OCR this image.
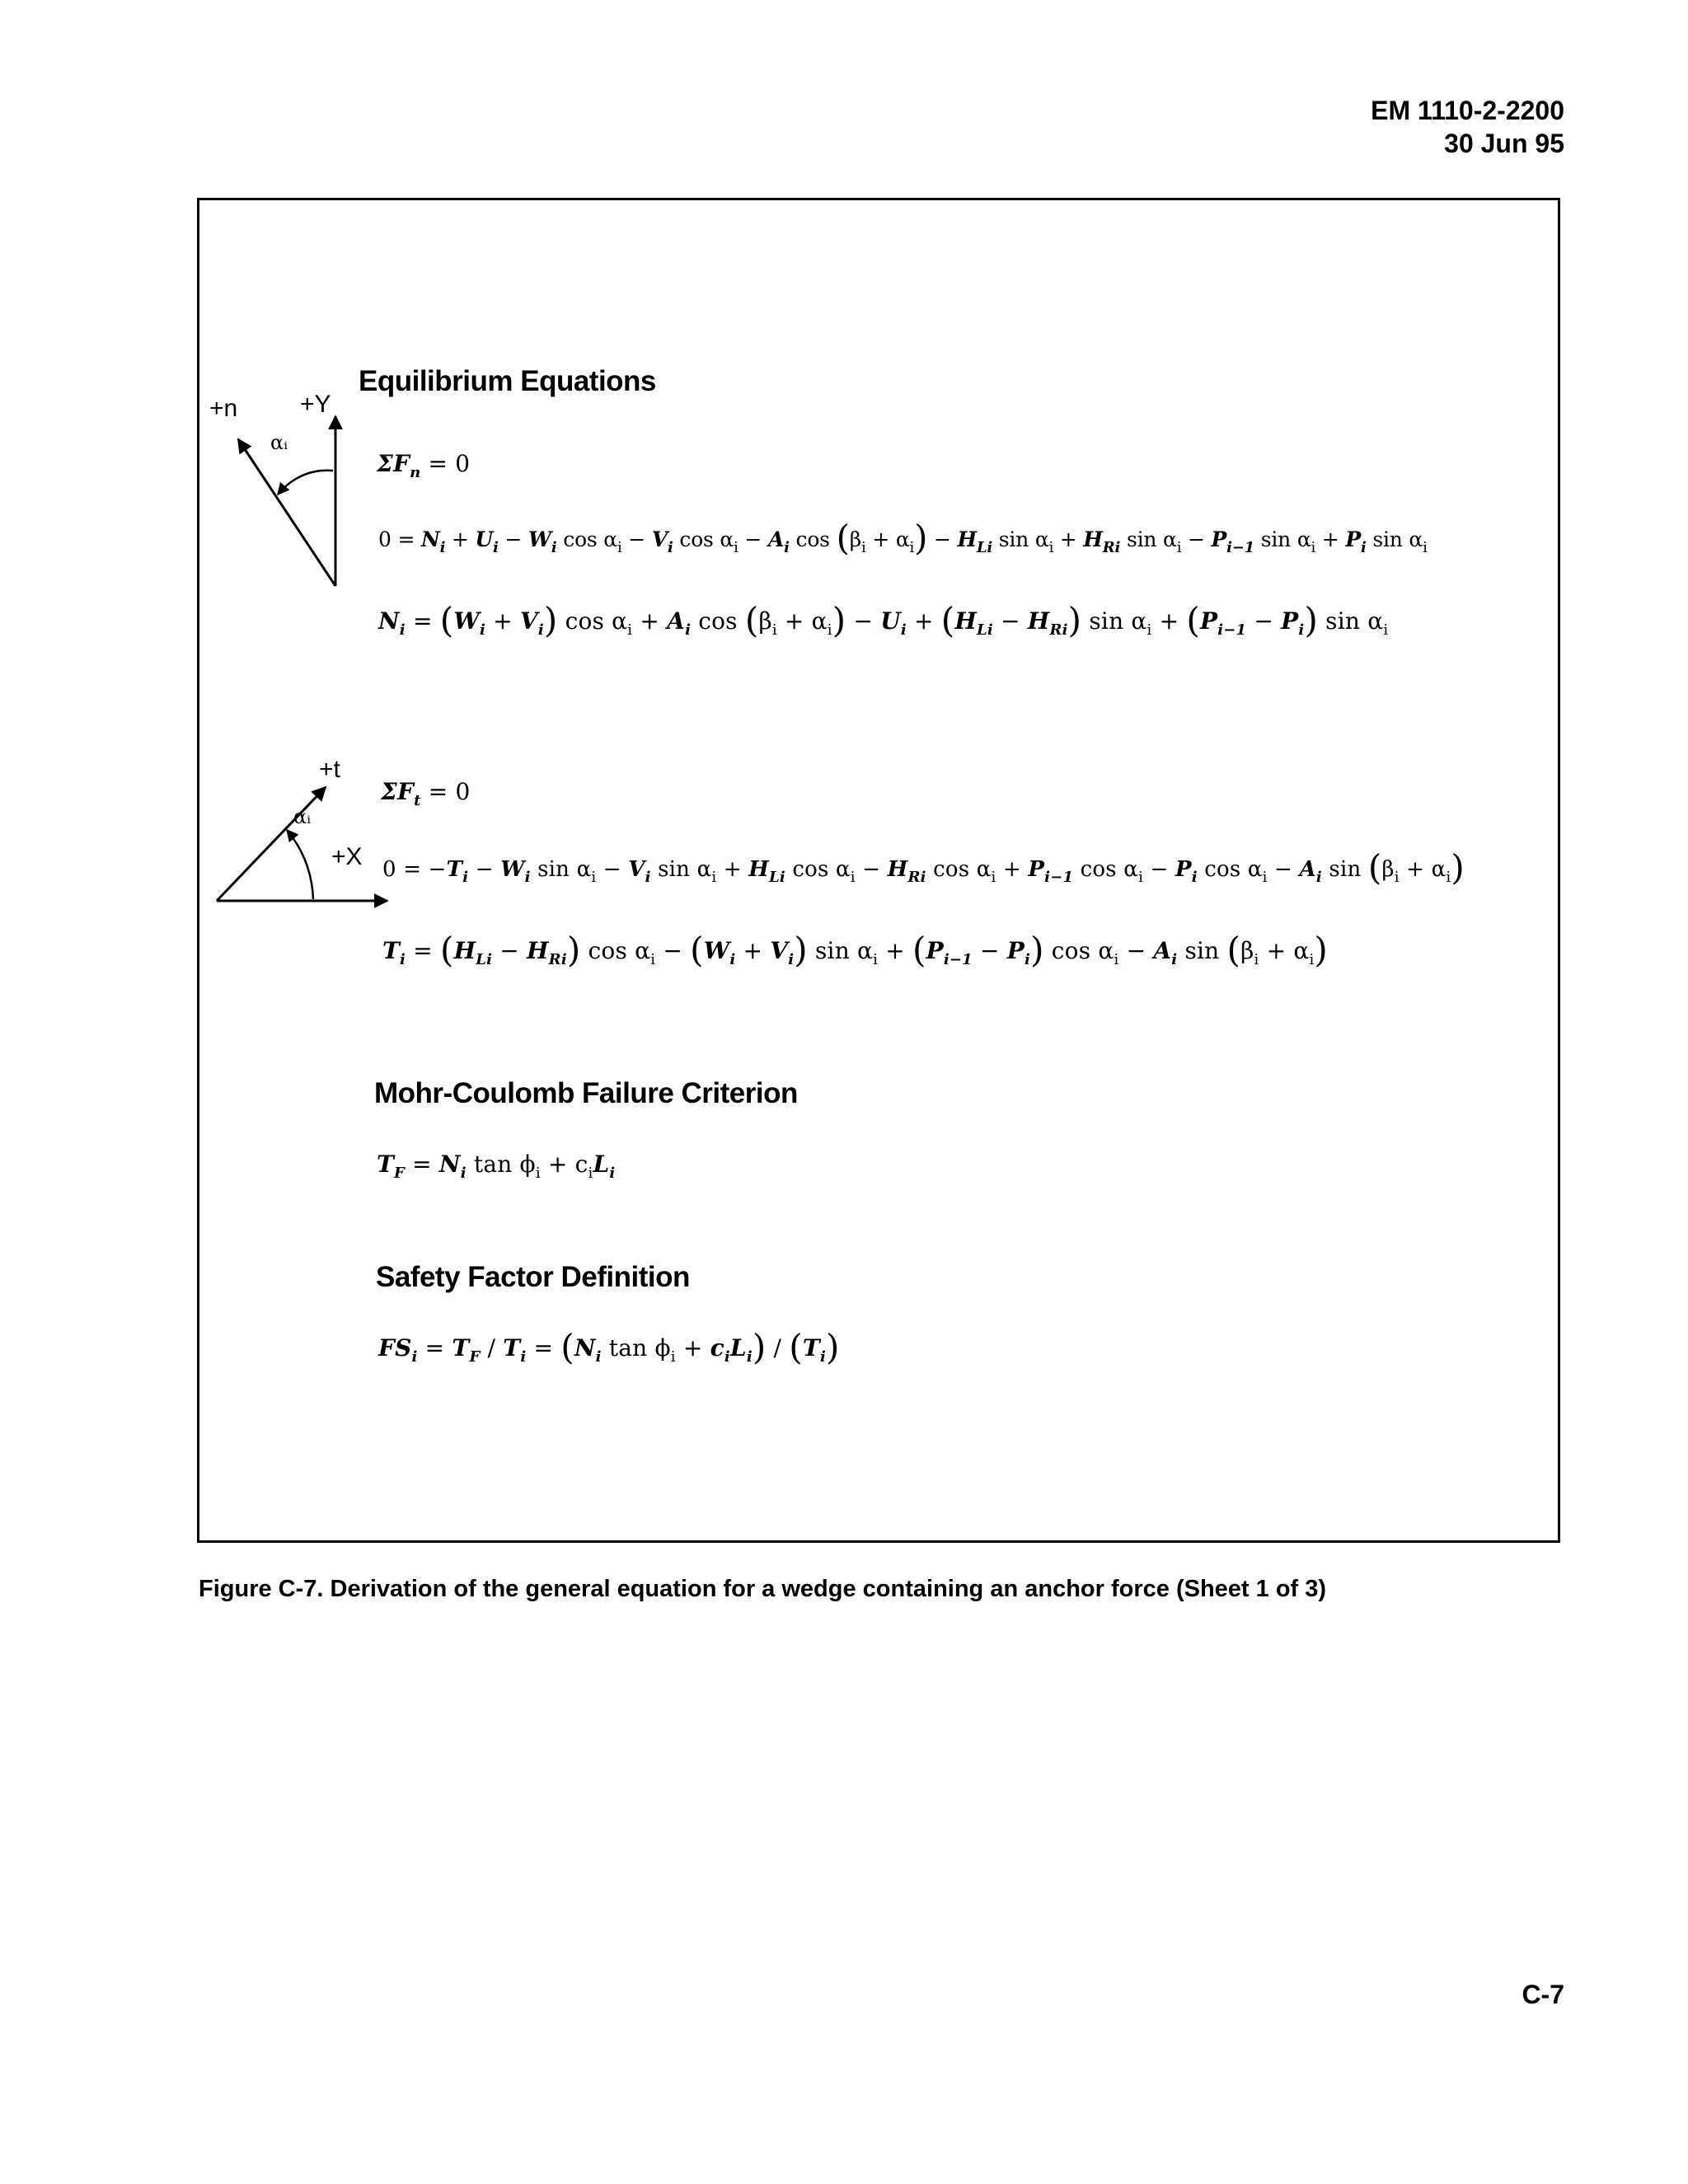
EM 1110-2-2200
30 Jun 95
Equilibrium Equations
+n	+Y
αᵢ
$\Sigma F_n = 0$
$0 = N_i + U_i - W_i$ $\cos \alpha_i - V_i$ $\cos \alpha_i - A_i$ $\cos (\beta_i + \alpha_i) - H_{Li}$ $\sin \alpha_i + H_{Ri}$ $\sin \alpha_i - P_{i-1}$ $\sin \alpha_i + P_i$ $\sin \alpha_i$
$N_i = (W_i + V_i)$ $\cos \alpha_i + A_i$ $\cos (\beta_i + \alpha_i) - U_i + (H_{Li} - H_{Ri})$ $\sin \alpha_i + (P_{i-1} - P_i)$ $\sin \alpha_i$
+t
+X
αᵢ
$\Sigma F_t = 0$
$0 = -T_i - W_i$ $\sin \alpha_i - V_i$ $\sin \alpha_i + H_{Li}$ $\cos \alpha_i - H_{Ri}$ $\cos \alpha_i + P_{i-1}$ $\cos \alpha_i - P_i$ $\cos \alpha_i - A_i$ $\sin (\beta_i + \alpha_i)$
$T_i = (H_{Li} - H_{Ri})$ $\cos \alpha_i - (W_i + V_i)$ $\sin \alpha_i + (P_{i-1} - P_i)$ $\cos \alpha_i - A_i$ $\sin (\beta_i + \alpha_i)$
Mohr-Coulomb Failure Criterion
$T_F = N_i$ $\tan \phi_i + c_iL_i$
Safety Factor Definition
$FS_i = T_F / T_i = (N_i$ $\tan \phi_i + c_iL_i) / (T_i)$
Figure C-7. Derivation of the general equation for a wedge containing an anchor force (Sheet 1 of 3)
C-7
